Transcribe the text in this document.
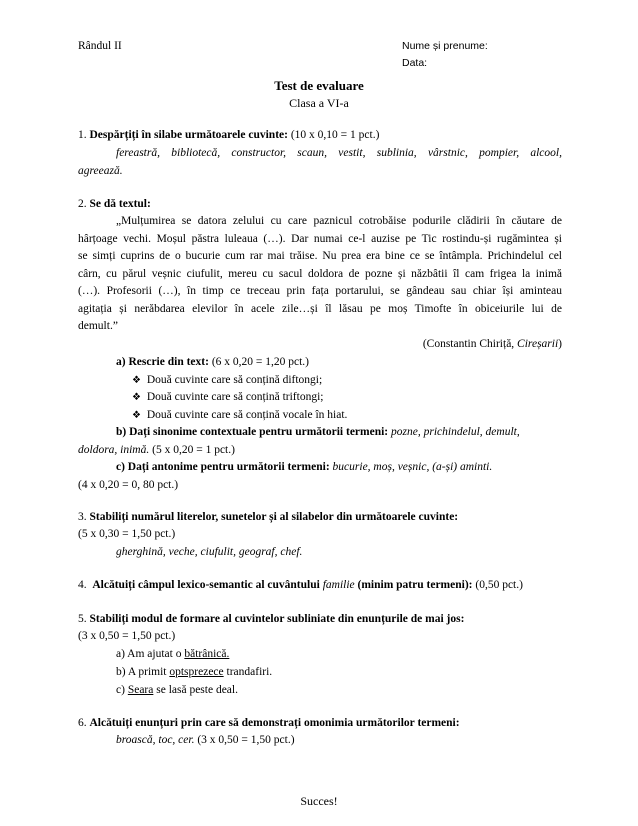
Rândul II	Nume și prenume:
Data:
Test de evaluare
Clasa a VI-a
1. Despărțiți în silabe următoarele cuvinte: (10 x 0,10 = 1 pct.)
fereastră, bibliotecă, constructor, scaun, vestit, sublinia, vârstnic, pompier, alcool,
agreează.
2. Se dă textul:
„Mulțumirea se datora zelului cu care paznicul cotrobăise podurile clădirii în căutare de
hârțoage vechi. Moșul păstra luleaua (…). Dar numai ce-l auzise pe Tic rostindu-și rugămintea și
se simți cuprins de o bucurie cum rar mai trăise. Nu prea era bine ce se întâmpla. Prichindelul cel
cârn, cu părul veșnic ciufulit, mereu cu sacul doldora de pozne și năzbâtii îl cam frigea la inimă
(…). Profesorii (…), în timp ce treceau prin fața portarului, se gândeau sau chiar își aminteau
agitația și nerăbdarea elevilor în acele zile…și îl lăsau pe moș Timofte în obiceiurile lui de
demult.”
(Constantin Chiriță, Cireșarii)
a) Rescrie din text: (6 x 0,20 = 1,20 pct.)
❖ Două cuvinte care să conțină diftongi;
❖ Două cuvinte care să conțină triftongi;
❖ Două cuvinte care să conțină vocale în hiat.
b) Dați sinonime contextuale pentru următorii termeni: pozne, prichindelul, demult,
doldora, inimă. (5 x 0,20 = 1 pct.)
c) Dați antonime pentru următorii termeni: bucurie, moș, veșnic, (a-și) aminti.
(4 x 0,20 = 0, 80 pct.)
3. Stabiliți numărul literelor, sunetelor și al silabelor din următoarele cuvinte:
(5 x 0,30 = 1,50 pct.)
gherghină, veche, ciufulit, geograf, chef.
4. Alcătuiți câmpul lexico-semantic al cuvântului familie (minim patru termeni): (0,50 pct.)
5. Stabiliți modul de formare al cuvintelor subliniate din enunțurile de mai jos:
(3 x 0,50 = 1,50 pct.)
a) Am ajutat o bătrânică.
b) A primit optsprezece trandafiri.
c) Seara se lasă peste deal.
6. Alcătuiți enunțuri prin care să demonstrați omonimia următorilor termeni:
broască, toc, cer. (3 x 0,50 = 1,50 pct.)
Succes!
